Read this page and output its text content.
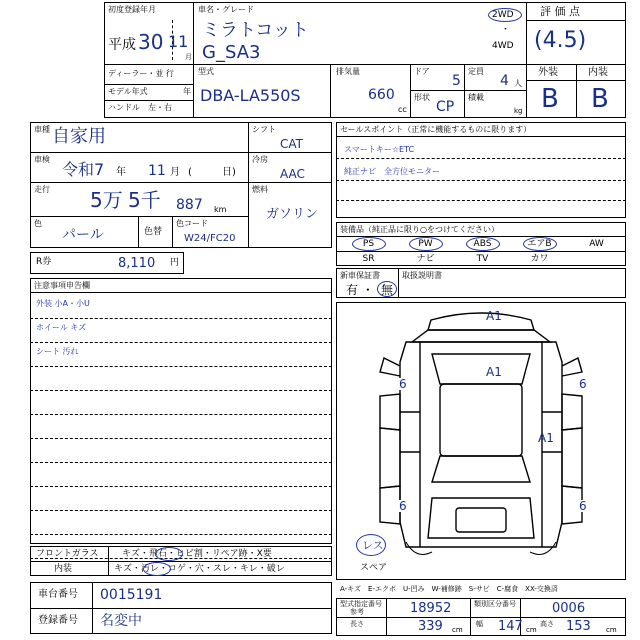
初度登録年月
平成 30 11
月
車名・グレード
ミラトコット
G_SA3
2WD
・
4WD
評 価 点
(4.5)
外装	内装
B B
ディーラー・並 行
モデル年式	年
ハンドル　左・右
型式
DBA-LA550S
排気量
660
cc
ドア
5
定員
4 人
形状
CP
積載
kg
車種 自家用
車検
令和7 年 11 月 (	日)
走行 5万 5千 887 km
色
パール	色替
色コード
W24/FC20
シフト
CAT
冷房
AAC
燃料
ガソリン
セールスポイント（正常に機能するものに限ります）
スマートキー☆ETC
純正ナビ　全方位モニター
装備品（純正品に限り○をつけてください）
PS	PW	ABS	エアB	AW
SR	ナビ	TV	カワ
新車保証書
有 ・ 無
取扱説明書
R券	8,110 円
注意事項申告欄
外装 小A・小U
ホイール キズ
シート 汚れ
A1
A1
A1
6	6
6	6
レス
スペア
フロントガラス	キズ・飛石・ヒビ割・リペア跡・X要
内装	キズ・汚レ・コゲ・穴・スレ・キレ・破レ
A-キズ　E-エクボ　U-凹み　W-補修跡　S-サビ　C-腐食　XX-交換済
車台番号 0015191
登録番号 名変中
型式指定番号
参考	18952	類別区分番号	0006
長さ	339 cm
幅 147 cm
高さ 153 cm
